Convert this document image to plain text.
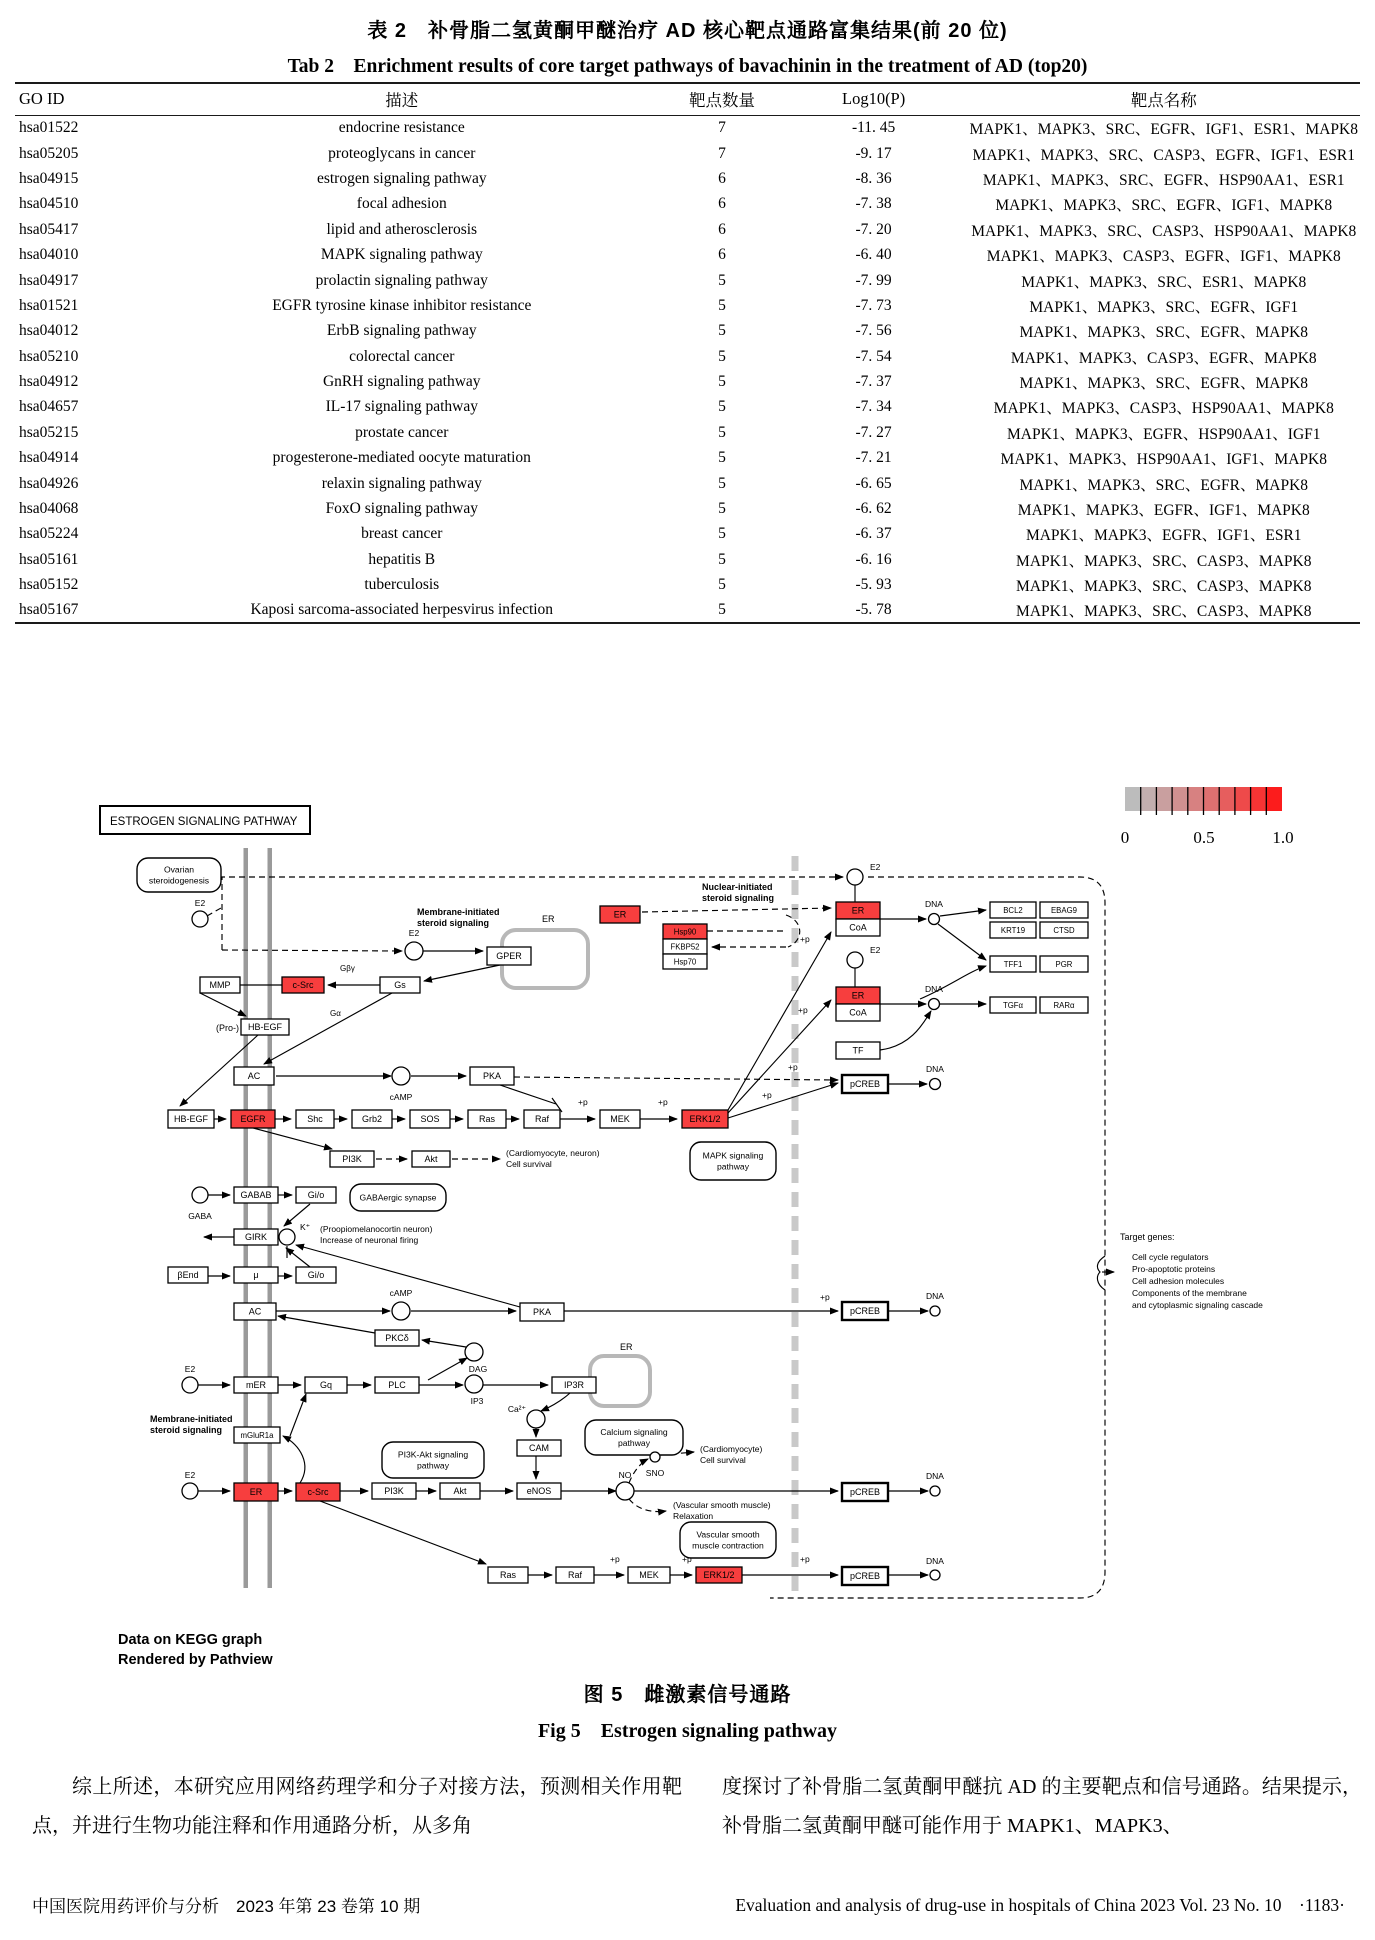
表 2　补骨脂二氢黄酮甲醚治疗 AD 核心靶点通路富集结果(前 20 位)
Tab 2　Enrichment results of core target pathways of bavachinin in the treatment of AD (top20)
GO ID	描述	靶点数量	Log10(P)	靶点名称
hsa01522	endocrine resistance	7	-11. 45	MAPK1、MAPK3、SRC、EGFR、IGF1、ESR1、MAPK8
hsa05205	proteoglycans in cancer	7	-9. 17	MAPK1、MAPK3、SRC、CASP3、EGFR、IGF1、ESR1
hsa04915	estrogen signaling pathway	6	-8. 36	MAPK1、MAPK3、SRC、EGFR、HSP90AA1、ESR1
hsa04510	focal adhesion	6	-7. 38	MAPK1、MAPK3、SRC、EGFR、IGF1、MAPK8
hsa05417	lipid and atherosclerosis	6	-7. 20	MAPK1、MAPK3、SRC、CASP3、HSP90AA1、MAPK8
hsa04010	MAPK signaling pathway	6	-6. 40	MAPK1、MAPK3、CASP3、EGFR、IGF1、MAPK8
hsa04917	prolactin signaling pathway	5	-7. 99	MAPK1、MAPK3、SRC、ESR1、MAPK8
hsa01521	EGFR tyrosine kinase inhibitor resistance	5	-7. 73	MAPK1、MAPK3、SRC、EGFR、IGF1
hsa04012	ErbB signaling pathway	5	-7. 56	MAPK1、MAPK3、SRC、EGFR、MAPK8
hsa05210	colorectal cancer	5	-7. 54	MAPK1、MAPK3、CASP3、EGFR、MAPK8
hsa04912	GnRH signaling pathway	5	-7. 37	MAPK1、MAPK3、SRC、EGFR、MAPK8
hsa04657	IL-17 signaling pathway	5	-7. 34	MAPK1、MAPK3、CASP3、HSP90AA1、MAPK8
hsa05215	prostate cancer	5	-7. 27	MAPK1、MAPK3、EGFR、HSP90AA1、IGF1
hsa04914	progesterone-mediated oocyte maturation	5	-7. 21	MAPK1、MAPK3、HSP90AA1、IGF1、MAPK8
hsa04926	relaxin signaling pathway	5	-6. 65	MAPK1、MAPK3、SRC、EGFR、MAPK8
hsa04068	FoxO signaling pathway	5	-6. 62	MAPK1、MAPK3、EGFR、IGF1、MAPK8
hsa05224	breast cancer	5	-6. 37	MAPK1、MAPK3、EGFR、IGF1、ESR1
hsa05161	hepatitis B	5	-6. 16	MAPK1、MAPK3、SRC、CASP3、MAPK8
hsa05152	tuberculosis	5	-5. 93	MAPK1、MAPK3、SRC、CASP3、MAPK8
hsa05167	Kaposi sarcoma-associated herpesvirus infection	5	-5. 78	MAPK1、MAPK3、SRC、CASP3、MAPK8
Ovarian
steroidogenesis
GABAergic synapse
MAPK signaling
pathway
PI3K-Akt signaling
pathway
Calcium signaling
pathway
Vascular smooth
muscle contraction
MMP	c-Src	Gs
GPER
ER
Hsp90
FKBP52
Hsp70
HB-EGF
AC	PKA
HB-EGF	EGFR	Shc	Grb2	SOS	Ras	Raf	MEK	ERK1/2
PI3K	Akt
GABAB	Gi/o
GIRK
βEnd	μ	Gi/o
AC	PKA
PKCδ
mER	Gq	PLC	IP3R
mGluR1a
CAM
ER	c-Src	PI3K	Akt	eNOS
Ras	Raf	MEK	ERK1/2
ER
CoA
ER
CoA
TF
pCREB
pCREB
pCREB
pCREB
BCL2	EBAG9
KRT19	CTSD
TFF1	PGR
TGFα	RARα
E2
E2
cAMP
GABA
K⁺
cAMP
DAG
E2
IP3
Ca²⁺
E2	NO SNO
E2
E2
DNA
DNA
DNA
DNA
DNA
DNA
Membrane-initiated
steroid signaling
Nuclear-initiated
steroid signaling
Membrane-initiated
steroid signaling
ER
ER
Gβγ
Gα
(Pro-)
+p	+p
+p
+p
+p
+p
+p
+p	+p	+p
(Cardiomyocyte, neuron)
Cell survival
(Proopiomelanocortin neuron)
Increase of neuronal firing
(Cardiomyocyte)
Cell survival
(Vascular smooth muscle)
Relaxation
Target genes:
Cell cycle regulators
Pro-apoptotic proteins
Cell adhesion molecules
Components of the membrane
and cytoplasmic signaling cascade
ESTROGEN SIGNALING PATHWAY
Data on KEGG graph
Rendered by Pathview
0	0.5	1.0
图 5　雌激素信号通路
Fig 5　Estrogen signaling pathway
综上所述，本研究应用网络药理学和分子对接方法，预测相关作用靶点，并进行生物功能注释和作用通路分析，从多角
度探讨了补骨脂二氢黄酮甲醚抗 AD 的主要靶点和信号通路。结果提示，补骨脂二氢黄酮甲醚可能作用于 MAPK1、MAPK3、
中国医院用药评价与分析　2023 年第 23 卷第 10 期	Evaluation and analysis of drug-use in hospitals of China 2023 Vol. 23 No. 10　·1183·
